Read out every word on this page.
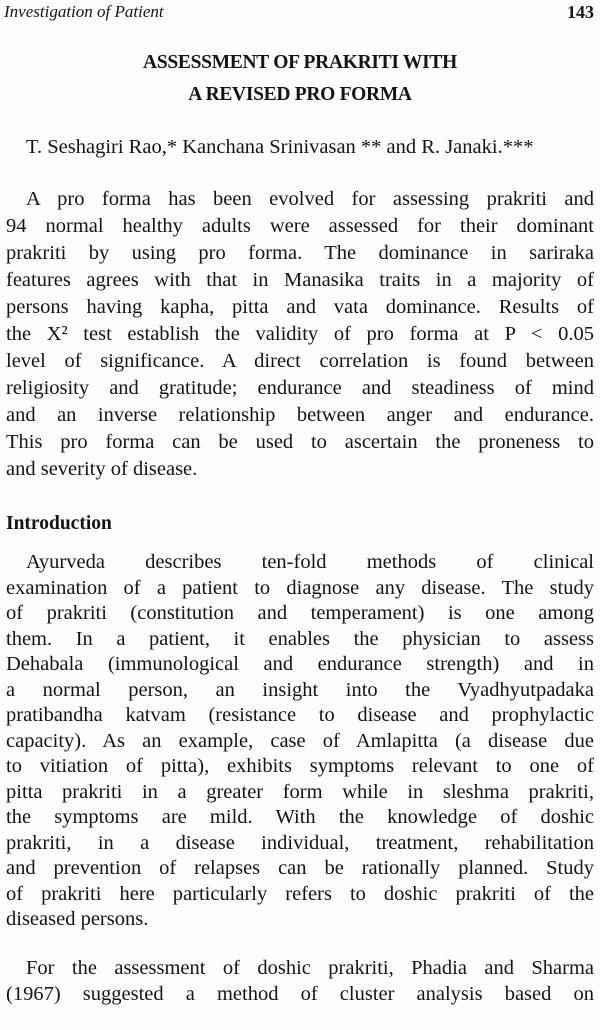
Investigation of Patient	143
ASSESSMENT OF PRAKRITI WITH
A REVISED PRO FORMA
T. Seshagiri Rao,* Kanchana Srinivasan ** and R. Janaki.***
A pro forma has been evolved for assessing prakriti and
94 normal healthy adults were assessed for their dominant
prakriti by using pro forma. The dominance in sariraka
features agrees with that in Manasika traits in a majority of
persons having kapha, pitta and vata dominance. Results of
the X² test establish the validity of pro forma at P < 0.05
level of significance. A direct correlation is found between
religiosity and gratitude; endurance and steadiness of mind
and an inverse relationship between anger and endurance.
This pro forma can be used to ascertain the proneness to
and severity of disease.
Introduction
Ayurveda describes ten-fold methods of clinical
examination of a patient to diagnose any disease. The study
of prakriti (constitution and temperament) is one among
them. In a patient, it enables the physician to assess
Dehabala (immunological and endurance strength) and in
a normal person, an insight into the Vyadhyutpadaka
pratibandha katvam (resistance to disease and prophylactic
capacity). As an example, case of Amlapitta (a disease due
to vitiation of pitta), exhibits symptoms relevant to one of
pitta prakriti in a greater form while in sleshma prakriti,
the symptoms are mild. With the knowledge of doshic
prakriti, in a disease individual, treatment, rehabilitation
and prevention of relapses can be rationally planned. Study
of prakriti here particularly refers to doshic prakriti of the
diseased persons.
For the assessment of doshic prakriti, Phadia and Sharma
(1967) suggested a method of cluster analysis based on
